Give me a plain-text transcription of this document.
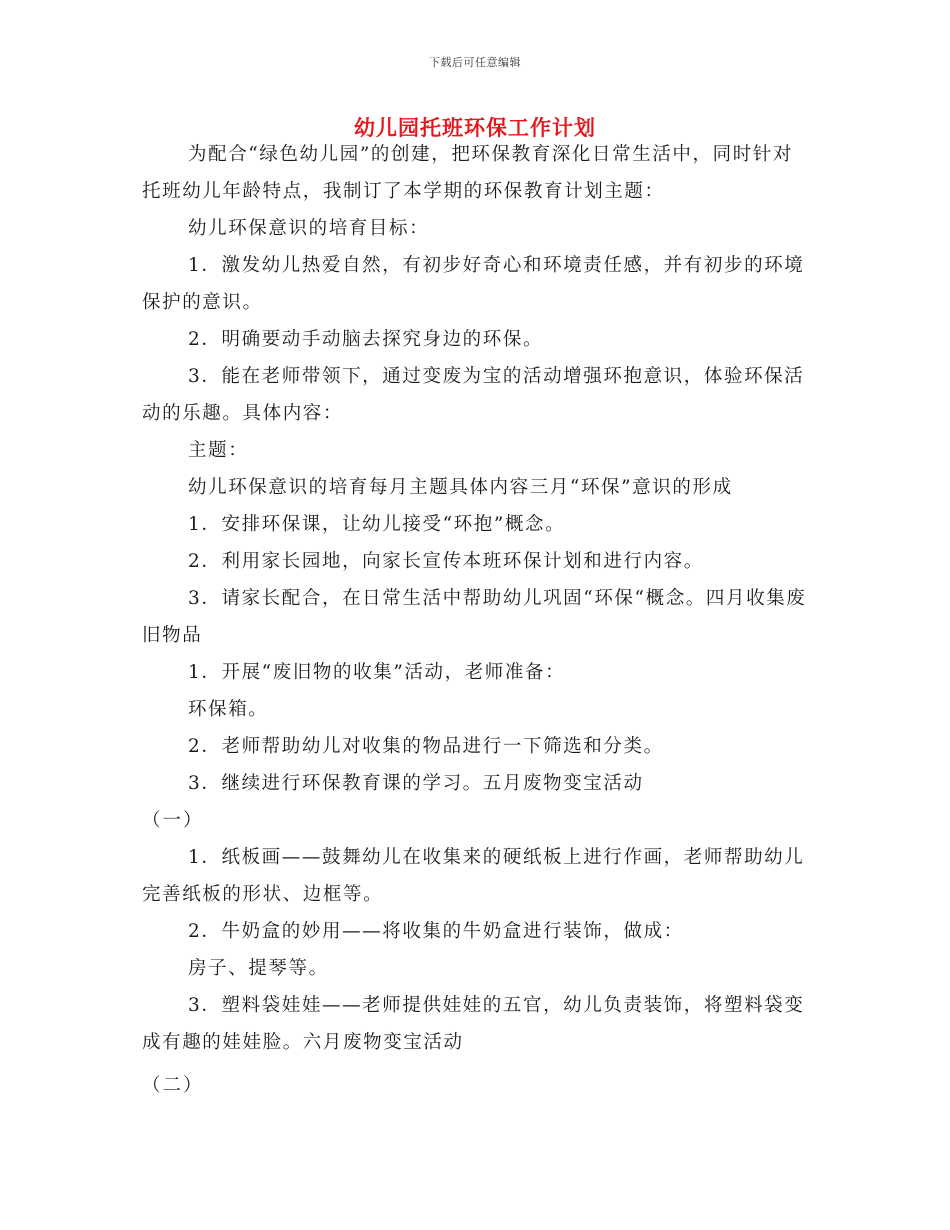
下载后可任意编辑
幼儿园托班环保工作计划

为配合“绿色幼儿园”的创建，把环保教育深化日常生活中，同时针对托班幼儿年龄特点，我制订了本学期的环保教育计划主题：

幼儿环保意识的培育目标：

1．激发幼儿热爱自然，有初步好奇心和环境责任感，并有初步的环境保护的意识。

2．明确要动手动脑去探究身边的环保。

3．能在老师带领下，通过变废为宝的活动增强环抱意识，体验环保活动的乐趣。具体内容：

主题：

幼儿环保意识的培育每月主题具体内容三月“环保”意识的形成

1．安排环保课，让幼儿接受“环抱”概念。

2．利用家长园地，向家长宣传本班环保计划和进行内容。

3．请家长配合，在日常生活中帮助幼儿巩固“环保“概念。四月收集废旧物品

1．开展“废旧物的收集”活动，老师准备：

环保箱。

2．老师帮助幼儿对收集的物品进行一下筛选和分类。

3．继续进行环保教育课的学习。五月废物变宝活动

（一）

1．纸板画——鼓舞幼儿在收集来的硬纸板上进行作画，老师帮助幼儿完善纸板的形状、边框等。

2．牛奶盒的妙用——将收集的牛奶盒进行装饰，做成：

房子、提琴等。

3．塑料袋娃娃——老师提供娃娃的五官，幼儿负责装饰，将塑料袋变成有趣的娃娃脸。六月废物变宝活动

（二）
